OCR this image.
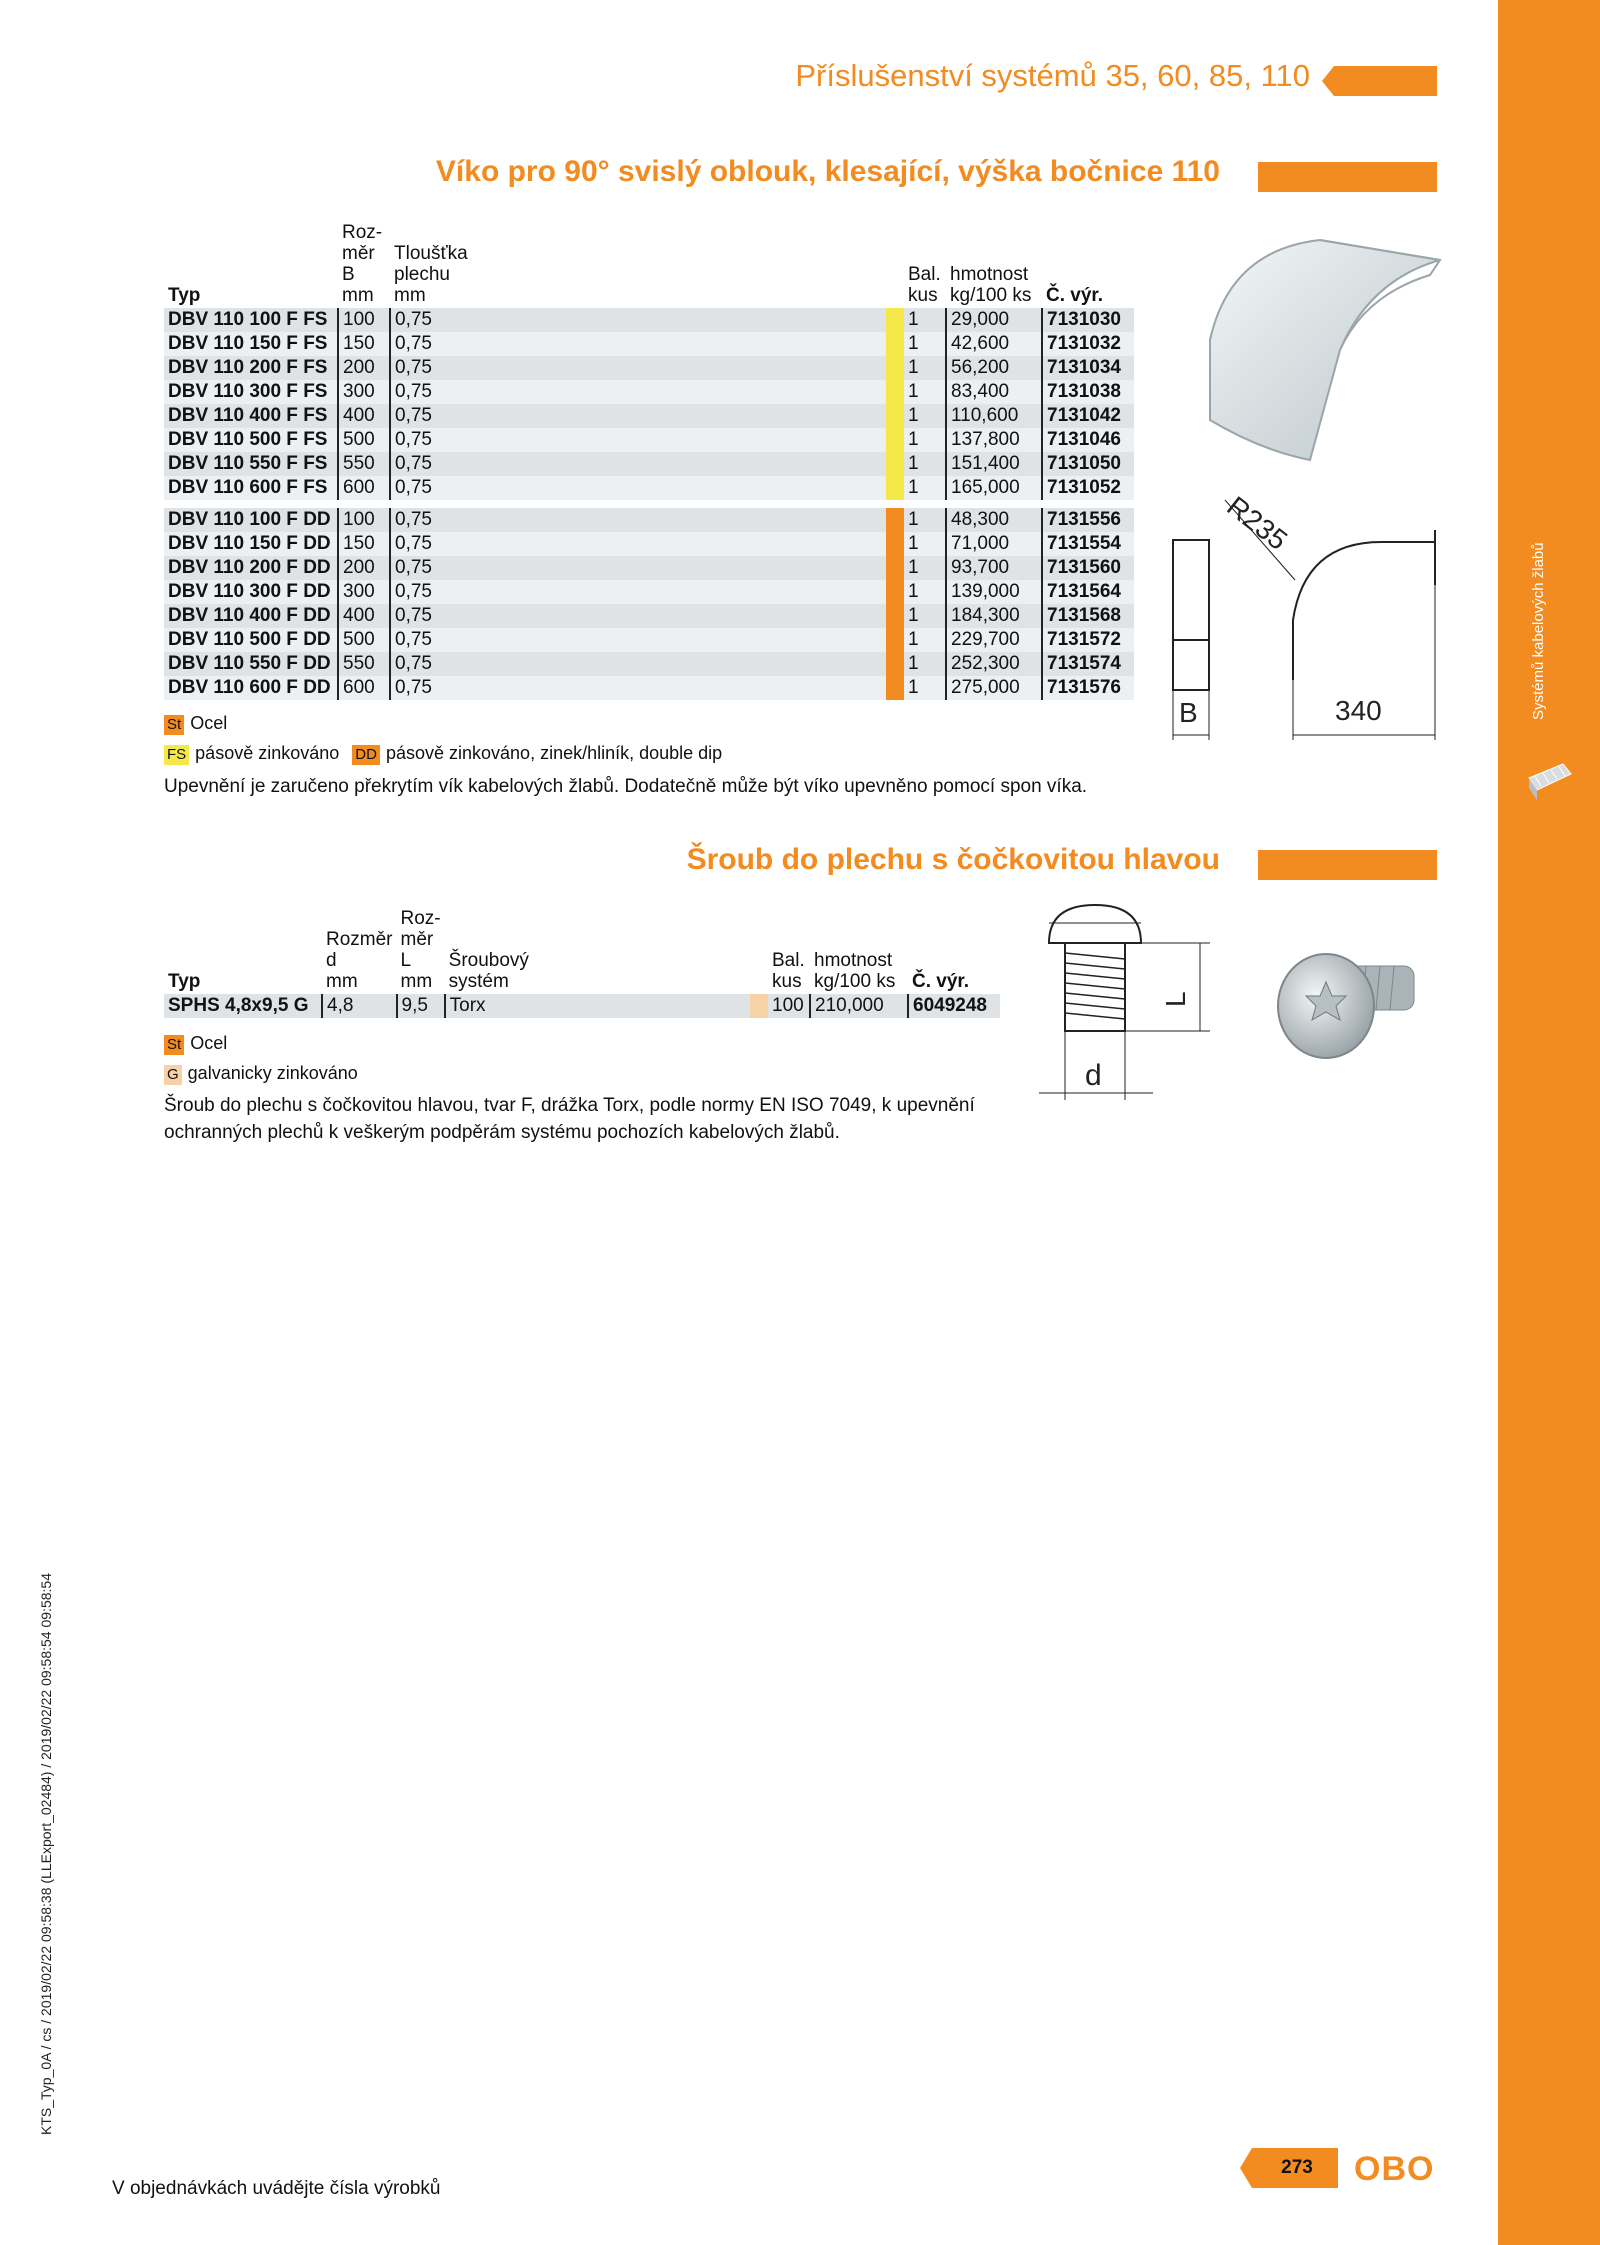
Systémů kabelových žlabů
KTS_Typ_0A / cs / 2019/02/22 09:58:38 (LLExport_02484) / 2019/02/22 09:58:54 09:58:54
Příslušenství systémů 35, 60, 85, 110
Víko pro 90° svislý oblouk, klesající, výška bočnice 110
Typ	Roz-
měr
B
mm	Tloušťka
plechu
mm		Bal.
kus	hmotnost
kg/100 ks	Č. výr.
DBV 110 100 F FS	100	0,75		1	29,000	7131030
DBV 110 150 F FS	150	0,75		1	42,600	7131032
DBV 110 200 F FS	200	0,75		1	56,200	7131034
DBV 110 300 F FS	300	0,75		1	83,400	7131038
DBV 110 400 F FS	400	0,75		1	110,600	7131042
DBV 110 500 F FS	500	0,75		1	137,800	7131046
DBV 110 550 F FS	550	0,75		1	151,400	7131050
DBV 110 600 F FS	600	0,75		1	165,000	7131052

DBV 110 100 F DD	100	0,75		1	48,300	7131556
DBV 110 150 F DD	150	0,75		1	71,000	7131554
DBV 110 200 F DD	200	0,75		1	93,700	7131560
DBV 110 300 F DD	300	0,75		1	139,000	7131564
DBV 110 400 F DD	400	0,75		1	184,300	7131568
DBV 110 500 F DD	500	0,75		1	229,700	7131572
DBV 110 550 F DD	550	0,75		1	252,300	7131574
DBV 110 600 F DD	600	0,75		1	275,000	7131576
St Ocel
FS pásově zinkováno DD pásově zinkováno, zinek/hliník, double dip
Upevnění je zaručeno překrytím vík kabelových žlabů. Dodatečně může být víko upevněno pomocí spon víka.
B	340
R235
Šroub do plechu s čočkovitou hlavou
Typ	Rozměr
d
mm	Roz-
měr
L
mm	Šroubový
systém		Bal.
kus	hmotnost
kg/100 ks	Č. výr.
SPHS 4,8x9,5 G	4,8	9,5	Torx		100	210,000	6049248
St Ocel
G galvanicky zinkováno
Šroub do plechu s čočkovitou hlavou, tvar F, drážka Torx, podle normy EN ISO 7049, k upevnění ochranných plechů k veškerým podpěrám systému pochozích kabelových žlabů.
L
d
V objednávkách uvádějte čísla výrobků
273	OBO
